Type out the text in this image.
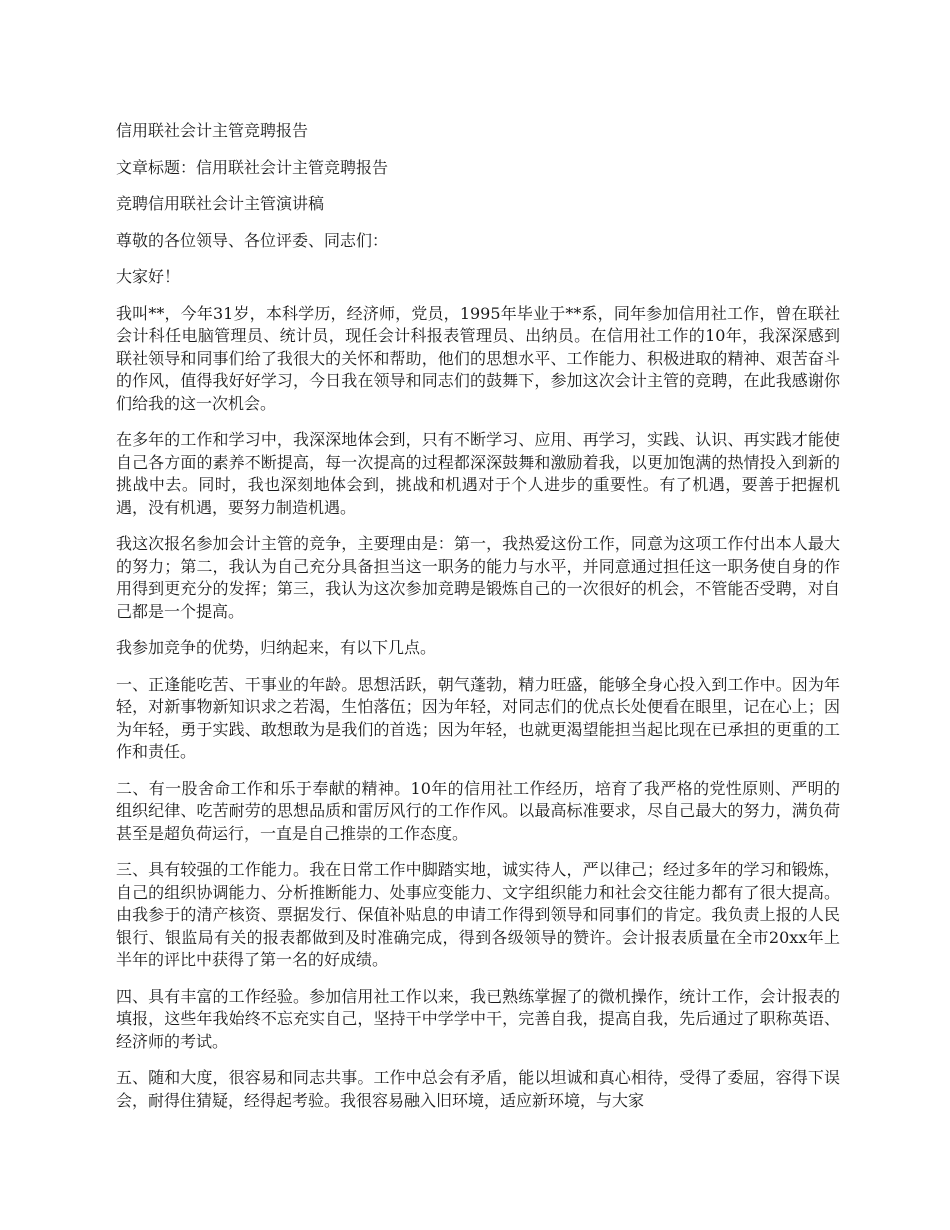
信用联社会计主管竞聘报告

文章标题：信用联社会计主管竞聘报告

竞聘信用联社会计主管演讲稿

尊敬的各位领导、各位评委、同志们：

大家好！

我叫**，今年31岁，本科学历，经济师，党员，1995年毕业于**系，同年参加信用社工作，曾在联社会计科任电脑管理员、统计员，现任会计科报表管理员、出纳员。在信用社工作的10年，我深深感到联社领导和同事们给了我很大的关怀和帮助，他们的思想水平、工作能力、积极进取的精神、艰苦奋斗的作风，值得我好好学习，今日我在领导和同志们的鼓舞下，参加这次会计主管的竞聘，在此我感谢你们给我的这一次机会。

在多年的工作和学习中，我深深地体会到，只有不断学习、应用、再学习，实践、认识、再实践才能使自己各方面的素养不断提高，每一次提高的过程都深深鼓舞和激励着我，以更加饱满的热情投入到新的挑战中去。同时，我也深刻地体会到，挑战和机遇对于个人进步的重要性。有了机遇，要善于把握机遇，没有机遇，要努力制造机遇。

我这次报名参加会计主管的竞争，主要理由是：第一，我热爱这份工作，同意为这项工作付出本人最大的努力；第二，我认为自己充分具备担当这一职务的能力与水平，并同意通过担任这一职务使自身的作用得到更充分的发挥；第三，我认为这次参加竞聘是锻炼自己的一次很好的机会，不管能否受聘，对自己都是一个提高。

我参加竞争的优势，归纳起来，有以下几点。

一、正逢能吃苦、干事业的年龄。思想活跃，朝气蓬勃，精力旺盛，能够全身心投入到工作中。因为年轻，对新事物新知识求之若渴，生怕落伍；因为年轻，对同志们的优点长处便看在眼里，记在心上；因为年轻，勇于实践、敢想敢为是我们的首选；因为年轻，也就更渴望能担当起比现在已承担的更重的工作和责任。

二、有一股舍命工作和乐于奉献的精神。10年的信用社工作经历，培育了我严格的党性原则、严明的组织纪律、吃苦耐劳的思想品质和雷厉风行的工作作风。以最高标准要求，尽自己最大的努力，满负荷甚至是超负荷运行，一直是自己推崇的工作态度。

三、具有较强的工作能力。我在日常工作中脚踏实地，诚实待人，严以律己；经过多年的学习和锻炼，自己的组织协调能力、分析推断能力、处事应变能力、文字组织能力和社会交往能力都有了很大提高。由我参于的清产核资、票据发行、保值补贴息的申请工作得到领导和同事们的肯定。我负责上报的人民银行、银监局有关的报表都做到及时准确完成，得到各级领导的赞许。会计报表质量在全市20xx年上半年的评比中获得了第一名的好成绩。

四、具有丰富的工作经验。参加信用社工作以来，我已熟练掌握了的微机操作，统计工作，会计报表的填报，这些年我始终不忘充实自己，坚持干中学学中干，完善自我，提高自我，先后通过了职称英语、经济师的考试。

五、随和大度，很容易和同志共事。工作中总会有矛盾，能以坦诚和真心相待，受得了委屈，容得下误会，耐得住猜疑，经得起考验。我很容易融入旧环境，适应新环境，与大家
